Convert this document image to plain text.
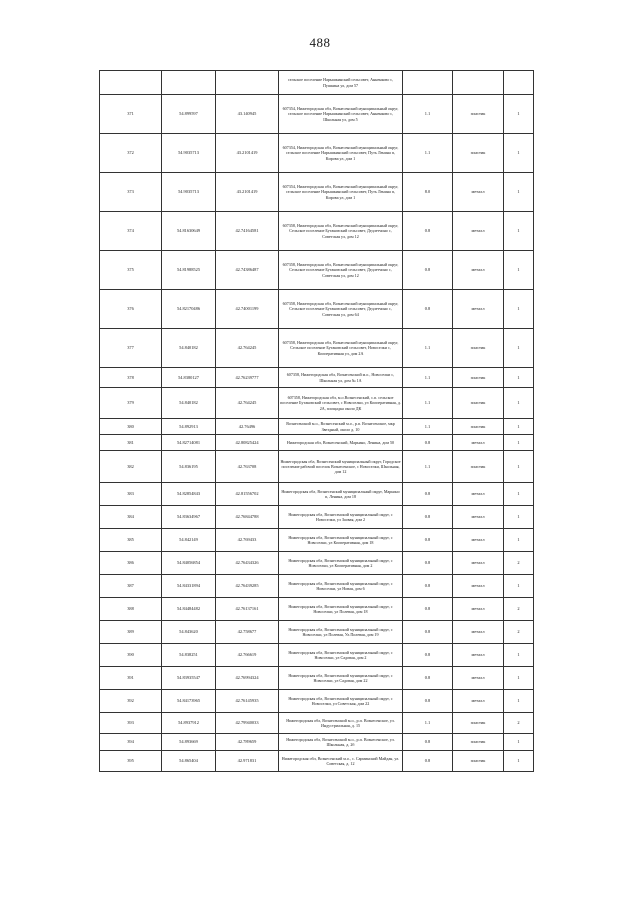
488
			сельское поселение Нарышкинский сельсовет, Анненково с, Пушкина ул, дом 57			
371	54.899597	43.140945	607354, Нижегородская обл, Вознесенский муниципальный округ, сельское поселение Нарышкинский сельсовет, Анненково с, Школьная ул, дом 5	1.1	пластик	1
372	54.9035713	43.2101419	607354, Нижегородская обл, Вознесенский муниципальный округ, сельское поселение Нарышкинский сельсовет, Путь Ленина п, Кирова ул, дом 1	1.1	пластик	1
373	54.9035713	43.2101419	607354, Нижегородская обл, Вознесенский муниципальный округ, сельское поселение Нарышкинский сельсовет, Путь Ленина п, Кирова ул, дом 1	8.0	металл	1
374	54.81630649	42.74164581	607358, Нижегородская обл, Вознесенский муниципальный округ, Сельское поселение Бутаковский сельсовет, Дедлетчино с, Советская ул, дом 12	0.8	металл	1
375	54.81988525	42.74386487	607358, Нижегородская обл, Вознесенский муниципальный округ, Сельское поселение Бутаковский сельсовет, Дедлетчино с, Советская ул, дом 12	0.8	металл	1
376	54.82170486	42.74001199	607358, Нижегородская обл, Вознесенский муниципальный округ, Сельское поселение Бутаковский сельсовет, Дедлетчино с, Советская ул, дом 64	0.8	металл	1
377	54.840182	42.764245	607358, Нижегородская обл, Вознесенский муниципальный округ, Сельское поселение Бутаковский сельсовет, Новоселки с, Кооперативная ул, дом 2А	1.1	пластик	1
378	54.8380127	42.76239777	607358, Нижегородская обл, Вознесенский м.о., Новоселки с, Школьная ул, дом № 1А	1.1	пластик	1
379	54.840182	42.764245	607358, Нижегородская обл, м.о.Вознесенский, с.п. сельское поселение Бутаковский сельсовет, с Новоселки, ул Кооперативная, д. 2А, площадка около ДК	1.1	пластик	1
380	54.892913	42.76496	Вознесенский м.о., Вознесенский м.о., р.п. Вознесенское, мкр Звездный, около д. 10	1.1	пластик	1
381	54.82714081	42.80825424	Нижегородская обл, Вознесенский, Марьино, Ленина, дом 50	0.8	металл	1
382	54.836195	42.763708	Нижегородская обл, Вознесенский муниципальный округ, Городское поселение рабочий поселок Вознесенское, с Новоселки, Школьная, дом 12	1.1	пластик	1
383	54.82854843	42.81556702	Нижегородская обл, Вознесенский муниципальный округ, Марьино п, Ленина, дом 18	0.8	металл	1
384	54.83634967	42.76844788	Нижегородская обл, Вознесенский муниципальный округ, с Новоселки, ул Заовая, дом 2	0.8	металл	1
385	54.842149	42.769433	Нижегородская обл, Вознесенский муниципальный округ, с Новоселки, ул Кооперативная, дом 18	0.8	металл	1
386	54.84056854	42.76434326	Нижегородская обл, Вознесенский муниципальный округ, с Новоселки, ул Кооперативная, дом 2	0.8	металл	2
387	54.84331894	42.76439285	Нижегородская обл, Вознесенский муниципальный округ, с Новоселки, ул Новая, дом 6	0.8	металл	1
388	54.84484482	42.76137161	Нижегородская обл, Вознесенский муниципальный округ, с Новоселки, ул Полевая, дом 18	0.8	металл	2
389	54.843620	42.758677	Нижегородская обл, Вознесенский муниципальный округ, с Новоселки, ул Полевая, Ул.Полевая, дом 19	0.8	металл	2
390	54.838251	42.766619	Нижегородская обл, Вознесенский муниципальный округ, с Новоселки, ул Садовая, дом 2	0.8	металл	1
391	54.83935547	42.76994324	Нижегородская обл, Вознесенский муниципальный округ, с Новоселки, ул Садовая, дом 22	0.8	металл	1
392	54.84173965	42.76145935	Нижегородская обл, Вознесенский муниципальный округ, с Новоселки, ул Советская, дом 22	0.8	металл	1
393	54.8937912	42.79940033	Нижегородская обл, Вознесенский м.о., р.п. Вознесенское, ул. Индустриальная, д. 15	1.1	пластик	2
394	54.893669	42.789659	Нижегородская обл, Вознесенский м.о., р.п. Вознесенское, ул. Школьная, д. 2б	0.8	пластик	1
395	54.865404	42.971831	Нижегородская обл, Вознесенский м.о., с. Сарминский Майдан, ул. Советская, д. 12	0.8	пластик	1
